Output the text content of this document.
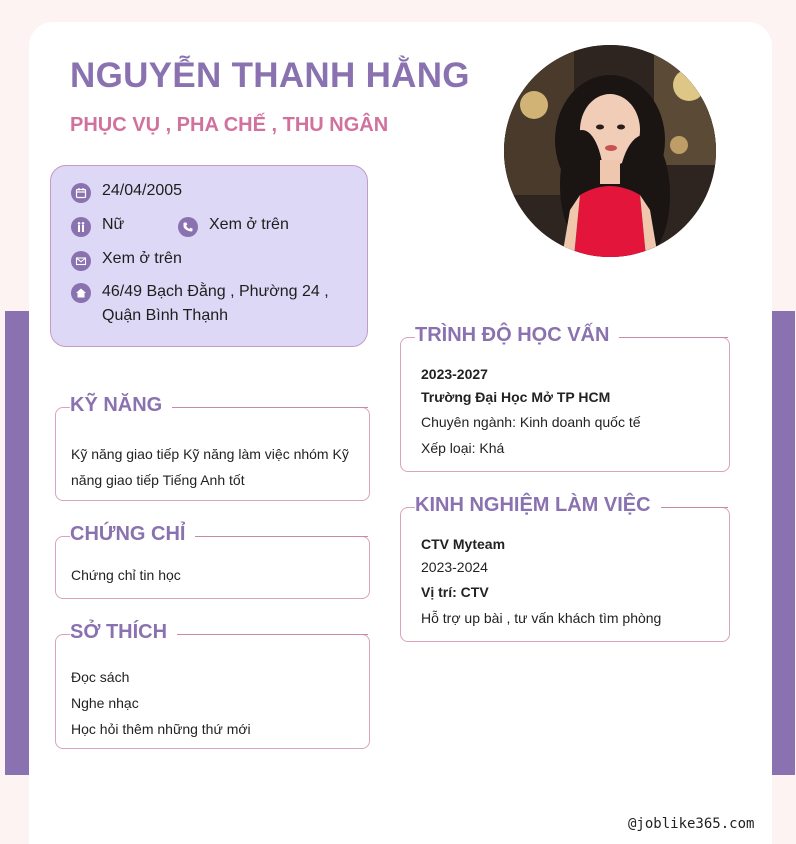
NGUYỄN THANH HẰNG
PHỤC VỤ , PHA CHẾ , THU NGÂN
24/04/2005
Nữ	Xem ở trên
Xem ở trên
46/49 Bạch Đằng , Phường 24 ,
Quận Bình Thạnh
KỸ NĂNG
Kỹ năng giao tiếp Kỹ năng làm việc nhóm Kỹ
năng giao tiếp Tiếng Anh tốt
CHỨNG CHỈ
Chứng chỉ tin học
SỞ THÍCH
Đọc sách
Nghe nhạc
Học hỏi thêm những thứ mới
TRÌNH ĐỘ HỌC VẤN
2023-2027
Trường Đại Học Mở TP HCM
Chuyên ngành: Kinh doanh quốc tế
Xếp loại: Khá
KINH NGHIỆM LÀM VIỆC
CTV Myteam
2023-2024
Vị trí: CTV
Hỗ trợ up bài , tư vấn khách tìm phòng
@joblike365.com
